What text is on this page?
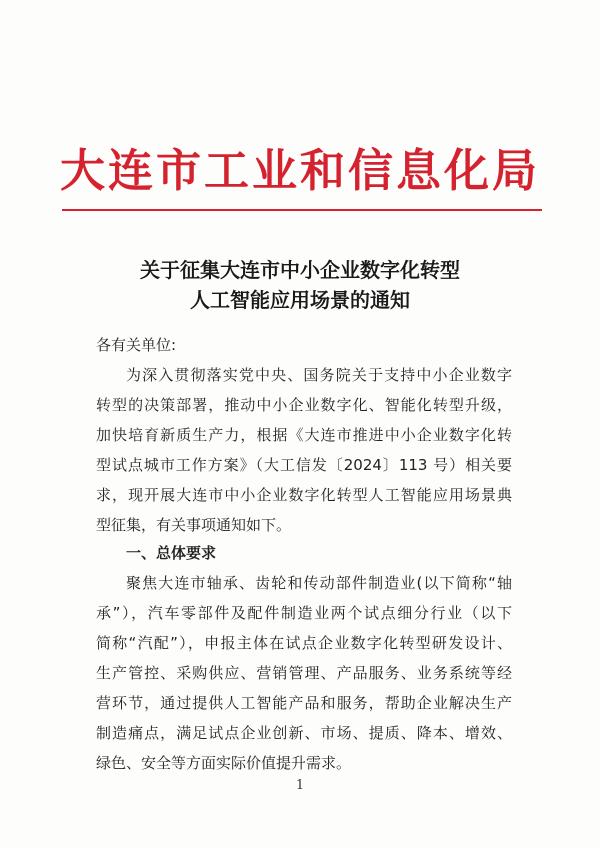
大连市工业和信息化局
关于征集大连市中小企业数字化转型
人工智能应用场景的通知
各有关单位:
为深入贯彻落实党中央、国务院关于支持中小企业数字
转型的决策部署，推动中小企业数字化、智能化转型升级，
加快培育新质生产力，根据《大连市推进中小企业数字化转
型试点城市工作方案》（大工信发〔2024〕113 号）相关要
求，现开展大连市中小企业数字化转型人工智能应用场景典
型征集，有关事项通知如下。
一、总体要求
聚焦大连市轴承、齿轮和传动部件制造业(以下简称“轴
承”），汽车零部件及配件制造业两个试点细分行业（以下
简称“汽配”），申报主体在试点企业数字化转型研发设计、
生产管控、采购供应、营销管理、产品服务、业务系统等经
营环节，通过提供人工智能产品和服务，帮助企业解决生产
制造痛点，满足试点企业创新、市场、提质、降本、增效、
绿色、安全等方面实际价值提升需求。
1
